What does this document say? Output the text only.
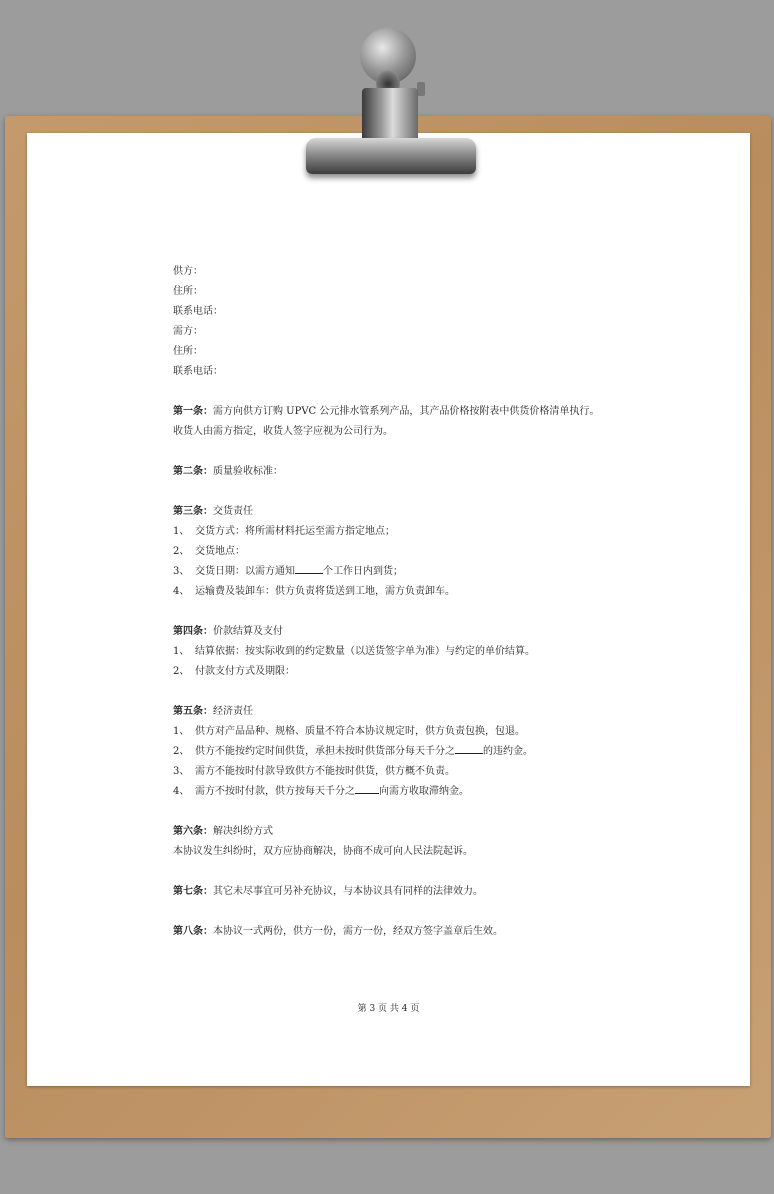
供方：
住所：
联系电话：
需方：
住所：
联系电话：
第一条：需方向供方订购 UPVC 公元排水管系列产品，其产品价格按附表中供货价格清单执行。
收货人由需方指定，收货人签字应视为公司行为。
第二条：质量验收标准：
第三条：交货责任
1、 交货方式：将所需材料托运至需方指定地点；
2、 交货地点：
3、 交货日期：以需方通知	个工作日内到货；
4、 运输费及装卸车：供方负责将货送到工地，需方负责卸车。
第四条：价款结算及支付
1、 结算依据：按实际收到的约定数量（以送货签字单为准）与约定的单价结算。
2、 付款支付方式及期限：
第五条：经济责任
1、 供方对产品品种、规格、质量不符合本协议规定时，供方负责包换，包退。
2、 供方不能按约定时间供货，承担未按时供货部分每天千分之	的违约金。
3、 需方不能按时付款导致供方不能按时供货，供方概不负责。
4、 需方不按时付款，供方按每天千分之 向需方收取滞纳金。
第六条：解决纠纷方式
本协议发生纠纷时，双方应协商解决，协商不成可向人民法院起诉。
第七条：其它未尽事宜可另补充协议，与本协议具有同样的法律效力。
第八条：本协议一式两份，供方一份，需方一份，经双方签字盖章后生效。
第 3 页 共 4 页
